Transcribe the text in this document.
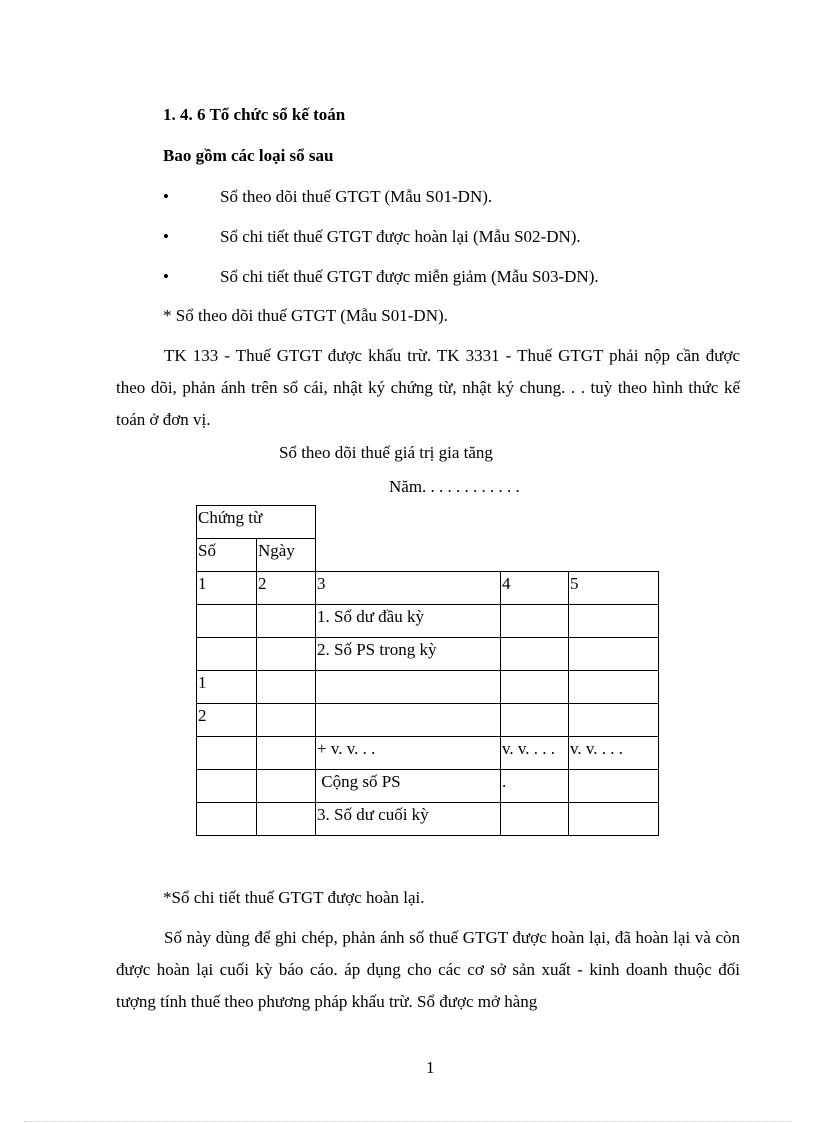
1. 4. 6 Tổ chức sổ kế toán
Bao gồm các loại sổ sau
•	Sổ theo dõi thuế GTGT (Mẫu S01-DN).
•	Sổ chi tiết thuế GTGT được hoàn lại (Mẫu S02-DN).
•	Sổ chi tiết thuế GTGT được miễn giảm (Mẫu S03-DN).
* Sổ theo dõi thuế GTGT (Mẫu S01-DN).

TK 133 - Thuế GTGT được khấu trừ. TK 3331 - Thuế GTGT phải nộp cần được theo dõi, phản ánh trên sổ cái, nhật ký chứng từ, nhật ký chung. . . tuỳ theo hình thức kế toán ở đơn vị.

Sổ theo dõi thuế giá trị gia tăng
Năm. . . . . . . . . . . .
Chứng từ				
Số	Ngày			
1	2	3	4	5
		1. Số dư đầu kỳ		
		2. Số PS trong kỳ		
1				
2				
		+ v. v. . .	v. v. . . .	v. v. . . .
		Cộng số PS	.	
		3. Số dư cuối kỳ		
*Sổ chi tiết thuế GTGT được hoàn lại.

Số này dùng để ghi chép, phản ánh số thuế GTGT được hoàn lại, đã hoàn lại và còn được hoàn lại cuối kỳ báo cáo. áp dụng cho các cơ sở sản xuất - kinh doanh thuộc đối tượng tính thuế theo phương pháp khấu trừ. Sổ được mở hàng

1
